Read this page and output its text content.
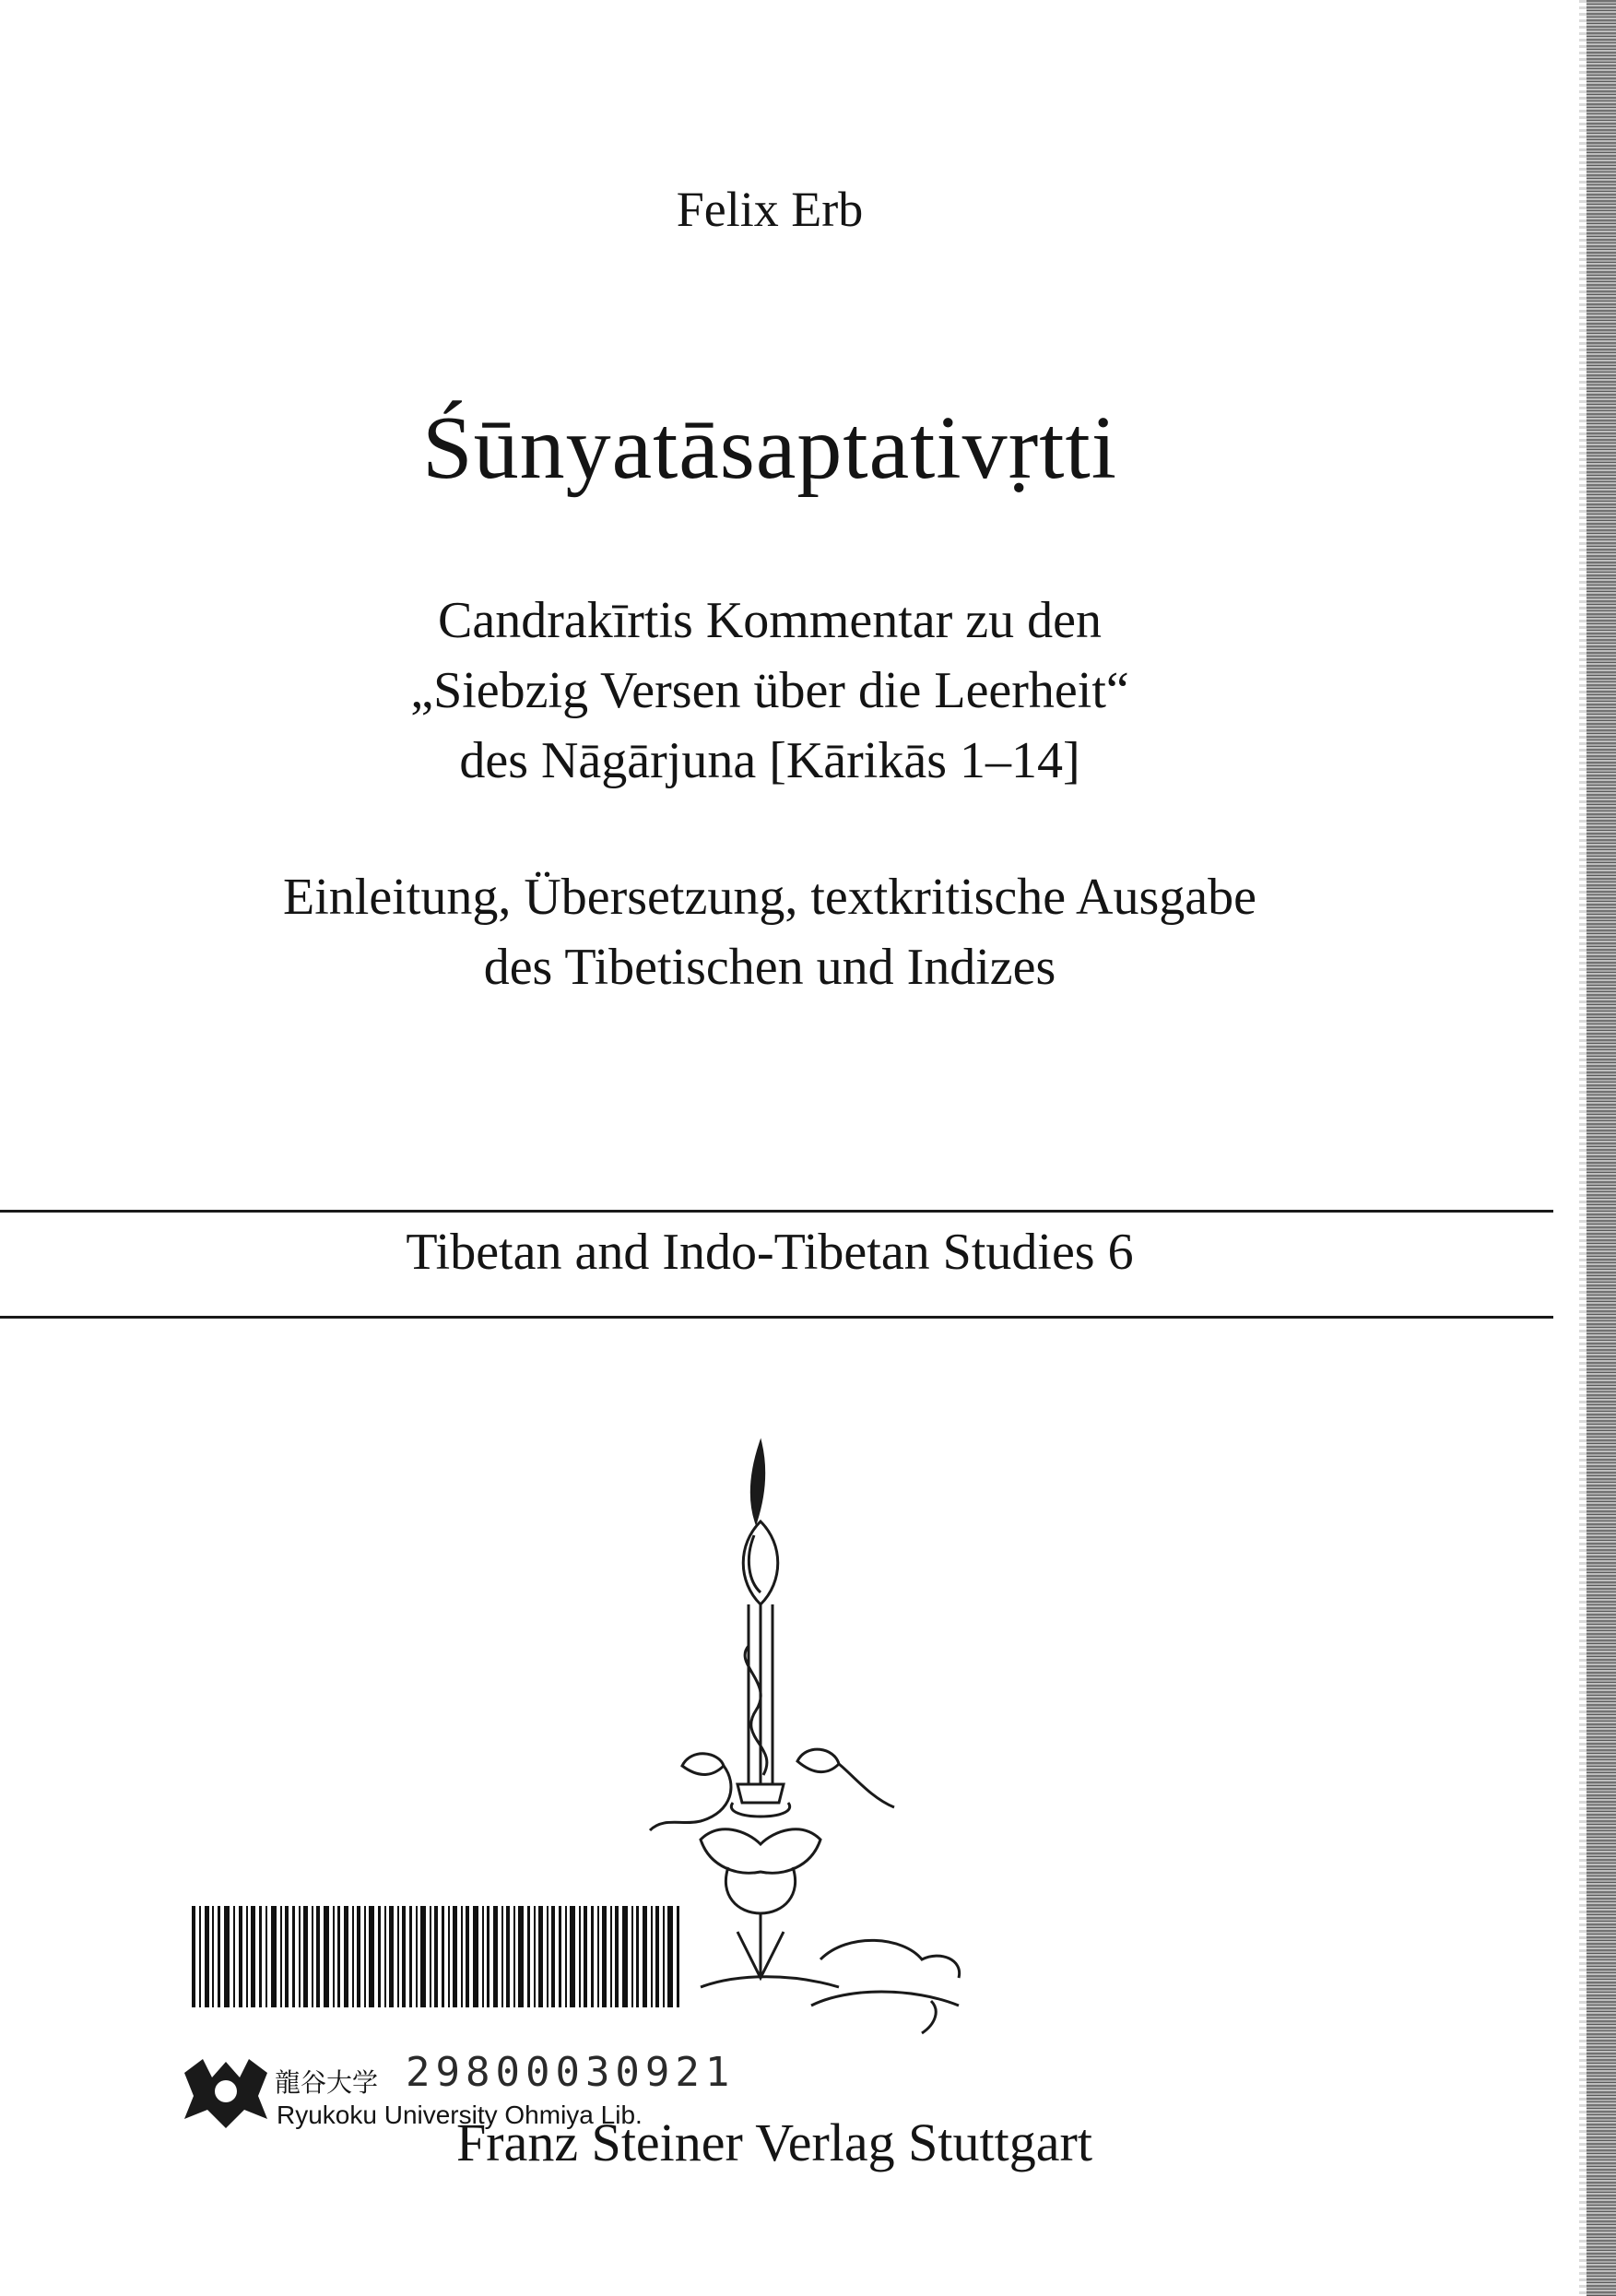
Felix Erb
Śūnyatāsaptativṛtti
Candrakīrtis Kommentar zu den
„Siebzig Versen über die Leerheit“
des Nāgārjuna [Kārikās 1–14]
Einleitung, Übersetzung, textkritische Ausgabe
des Tibetischen und Indizes
Tibetan and Indo-Tibetan Studies 6
龍谷大学 29800030921
Ryukoku University Ohmiya Lib.
Franz Steiner Verlag Stuttgart
